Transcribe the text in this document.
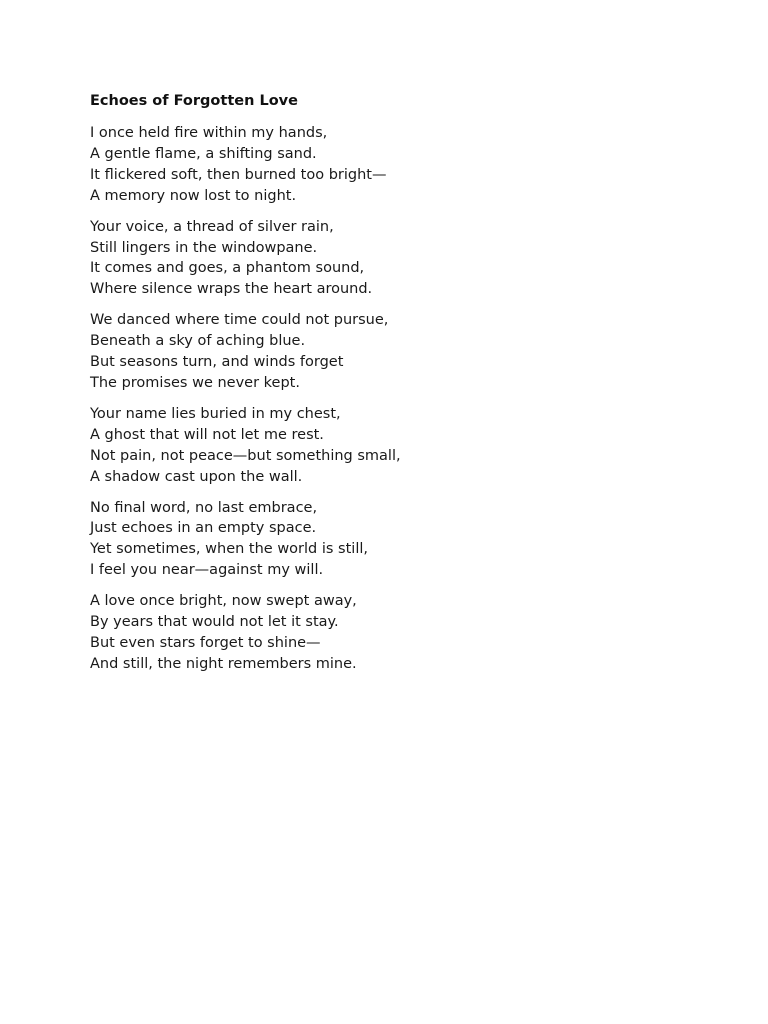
Echoes of Forgotten Love
I once held fire within my hands,
A gentle flame, a shifting sand.
It flickered soft, then burned too bright—
A memory now lost to night.
Your voice, a thread of silver rain,
Still lingers in the windowpane.
It comes and goes, a phantom sound,
Where silence wraps the heart around.
We danced where time could not pursue,
Beneath a sky of aching blue.
But seasons turn, and winds forget
The promises we never kept.
Your name lies buried in my chest,
A ghost that will not let me rest.
Not pain, not peace—but something small,
A shadow cast upon the wall.
No final word, no last embrace,
Just echoes in an empty space.
Yet sometimes, when the world is still,
I feel you near—against my will.
A love once bright, now swept away,
By years that would not let it stay.
But even stars forget to shine—
And still, the night remembers mine.
